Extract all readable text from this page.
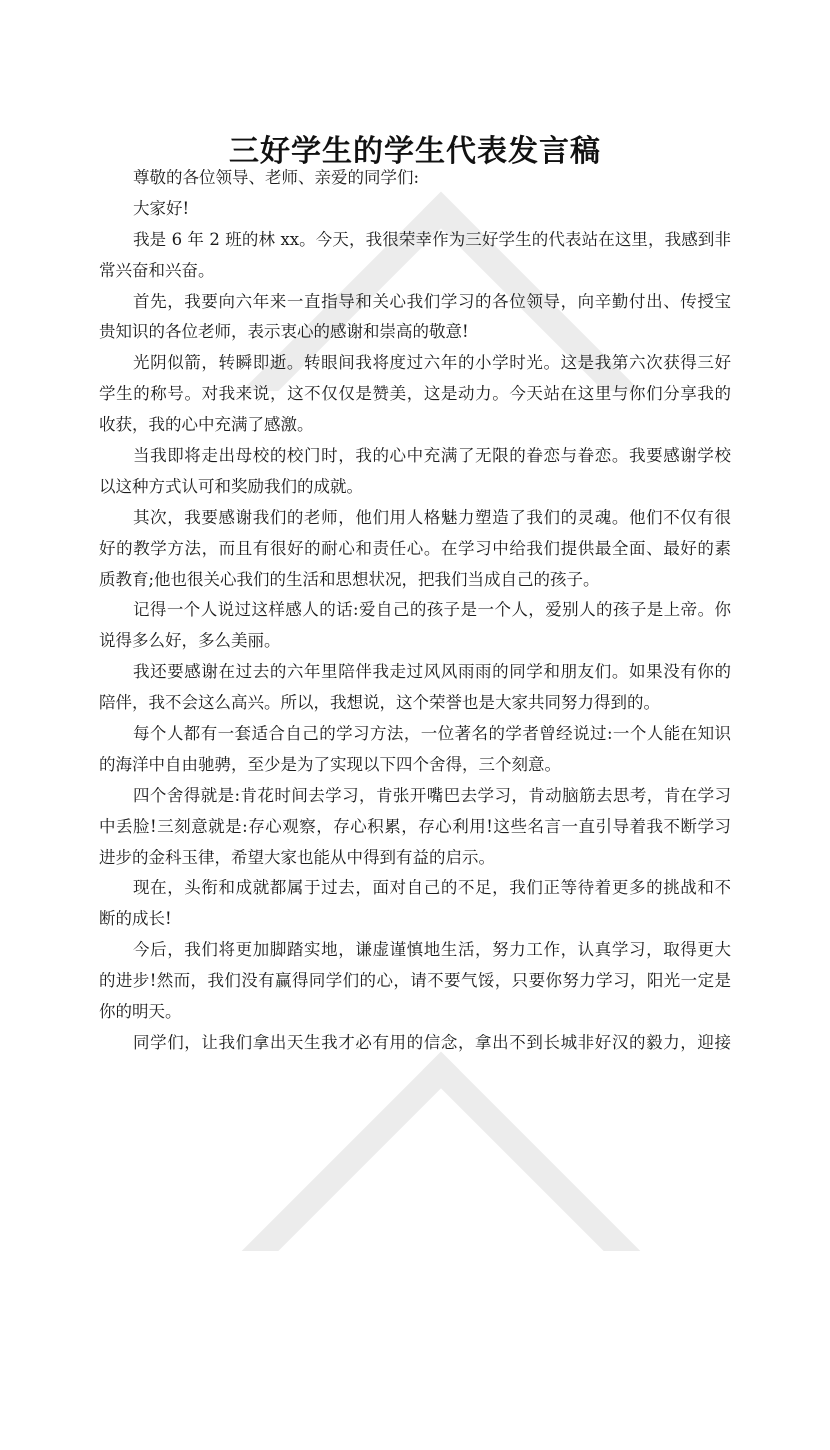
三好学生的学生代表发言稿
尊敬的各位领导、老师、亲爱的同学们:
大家好!
我是 6 年 2 班的林 xx。今天，我很荣幸作为三好学生的代表站在这里，我感到非
常兴奋和兴奋。
首先，我要向六年来一直指导和关心我们学习的各位领导，向辛勤付出、传授宝
贵知识的各位老师，表示衷心的感谢和崇高的敬意!
光阴似箭，转瞬即逝。转眼间我将度过六年的小学时光。这是我第六次获得三好
学生的称号。对我来说，这不仅仅是赞美，这是动力。今天站在这里与你们分享我的
收获，我的心中充满了感激。
当我即将走出母校的校门时，我的心中充满了无限的眷恋与眷恋。我要感谢学校
以这种方式认可和奖励我们的成就。
其次，我要感谢我们的老师，他们用人格魅力塑造了我们的灵魂。他们不仅有很
好的教学方法，而且有很好的耐心和责任心。在学习中给我们提供最全面、最好的素
质教育;他也很关心我们的生活和思想状况，把我们当成自己的孩子。
记得一个人说过这样感人的话:爱自己的孩子是一个人，爱别人的孩子是上帝。你
说得多么好，多么美丽。
我还要感谢在过去的六年里陪伴我走过风风雨雨的同学和朋友们。如果没有你的
陪伴，我不会这么高兴。所以，我想说，这个荣誉也是大家共同努力得到的。
每个人都有一套适合自己的学习方法，一位著名的学者曾经说过:一个人能在知识
的海洋中自由驰骋，至少是为了实现以下四个舍得，三个刻意。
四个舍得就是:肯花时间去学习，肯张开嘴巴去学习，肯动脑筋去思考，肯在学习
中丢脸!三刻意就是:存心观察，存心积累，存心利用!这些名言一直引导着我不断学习
进步的金科玉律，希望大家也能从中得到有益的启示。
现在，头衔和成就都属于过去，面对自己的不足，我们正等待着更多的挑战和不
断的成长!
今后，我们将更加脚踏实地，谦虚谨慎地生活，努力工作，认真学习，取得更大
的进步!然而，我们没有赢得同学们的心，请不要气馁，只要你努力学习，阳光一定是
你的明天。
同学们，让我们拿出天生我才必有用的信念，拿出不到长城非好汉的毅力，迎接
